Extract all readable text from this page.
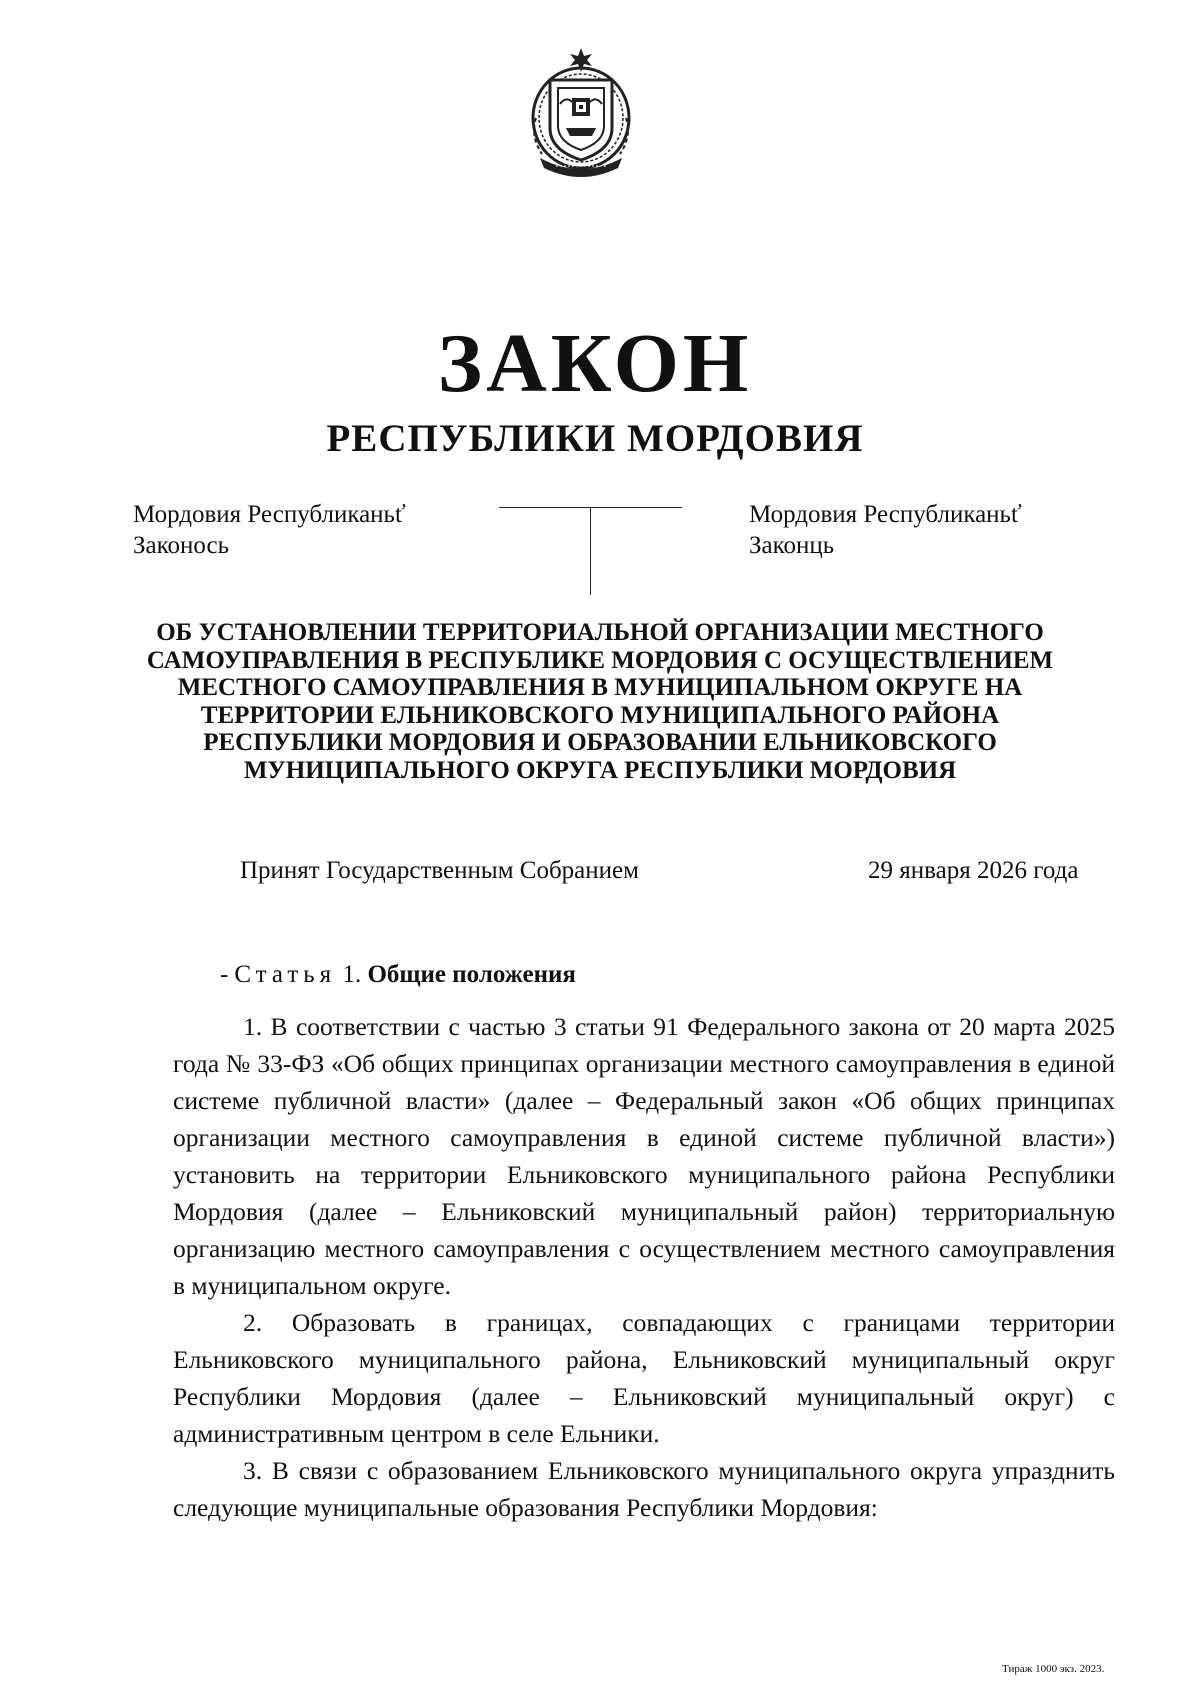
ЗАКОН
РЕСПУБЛИКИ МОРДОВИЯ
Мордовия Республиканьť
Законось
Мордовия Республиканьť
Законць
ОБ УСТАНОВЛЕНИИ ТЕРРИТОРИАЛЬНОЙ ОРГАНИЗАЦИИ МЕСТНОГО
САМОУПРАВЛЕНИЯ В РЕСПУБЛИКЕ МОРДОВИЯ С ОСУЩЕСТВЛЕНИЕМ
МЕСТНОГО САМОУПРАВЛЕНИЯ В МУНИЦИПАЛЬНОМ ОКРУГЕ НА
ТЕРРИТОРИИ ЕЛЬНИКОВСКОГО МУНИЦИПАЛЬНОГО РАЙОНА
РЕСПУБЛИКИ МОРДОВИЯ И ОБРАЗОВАНИИ ЕЛЬНИКОВСКОГО
МУНИЦИПАЛЬНОГО ОКРУГА РЕСПУБЛИКИ МОРДОВИЯ
Принят Государственным Собранием	29 января 2026 года
- Статья 1. Общие положения

1. В соответствии с частью 3 статьи 91 Федерального закона от 20 марта 2025 года № 33-ФЗ «Об общих принципах организации местного самоуправления в единой системе публичной власти» (далее – Федеральный закон «Об общих принципах организации местного самоуправления в единой системе публичной власти») установить на территории Ельниковского муниципального района Республики Мордовия (далее – Ельниковский муниципальный район) территориальную организацию местного самоуправления с осуществлением местного самоуправления в муниципальном округе.

2. Образовать в границах, совпадающих с границами территории Ельниковского муниципального района, Ельниковский муниципальный округ Республики Мордовия (далее – Ельниковский муниципальный округ) с административным центром в селе Ельники.

3. В связи с образованием Ельниковского муниципального округа упразднить следующие муниципальные образования Республики Мордовия:

Тираж 1000 экз. 2023.
